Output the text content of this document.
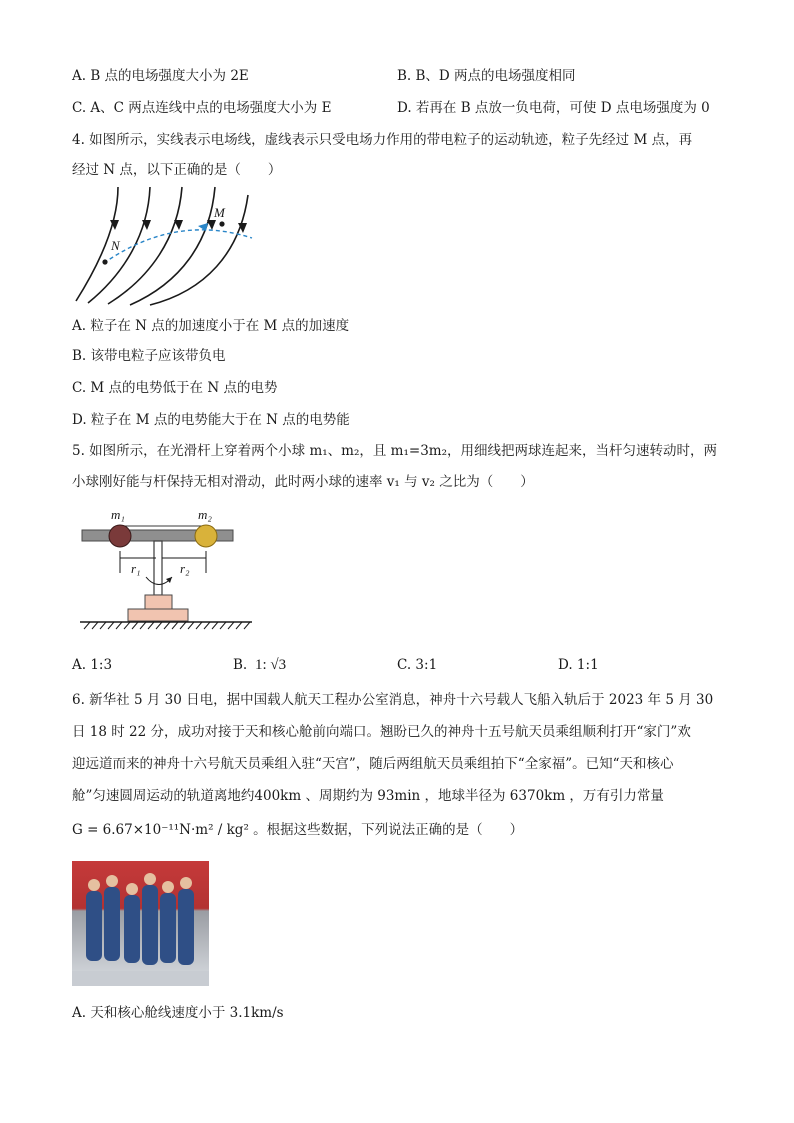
A. B 点的电场强度大小为 2E	B. B、D 两点的电场强度相同
C. A、C 两点连线中点的电场强度大小为 E	D. 若再在 B 点放一负电荷，可使 D 点电场强度为 0
4. 如图所示，实线表示电场线，虚线表示只受电场力作用的带电粒子的运动轨迹，粒子先经过 M 点，再
经过 N 点，以下正确的是（　　）
M
N
A. 粒子在 N 点的加速度小于在 M 点的加速度
B. 该带电粒子应该带负电
C. M 点的电势低于在 N 点的电势
D. 粒子在 M 点的电势能大于在 N 点的电势能
5. 如图所示，在光滑杆上穿着两个小球 m₁、m₂，且 m₁=3m₂，用细线把两球连起来，当杆匀速转动时，两
小球刚好能与杆保持无相对滑动，此时两小球的速率 v₁ 与 v₂ 之比为（　　）
m₁	m₂
r₁	r₂
A. 1:3	B. 1: √3	C. 3:1	D. 1:1
6. 新华社 5 月 30 日电，据中国载人航天工程办公室消息，神舟十六号载人飞船入轨后于 2023 年 5 月 30
日 18 时 22 分，成功对接于天和核心舱前向端口。翘盼已久的神舟十五号航天员乘组顺利打开“家门”欢
迎远道而来的神舟十六号航天员乘组入驻“天宫”，随后两组航天员乘组拍下“全家福”。已知“天和核心
舱”匀速圆周运动的轨道离地约400km 、周期约为 93min ，地球半径为 6370km ，万有引力常量
G = 6.67×10⁻¹¹N·m² / kg² 。根据这些数据，下列说法正确的是（　　）
A. 天和核心舱线速度小于 3.1km/s
